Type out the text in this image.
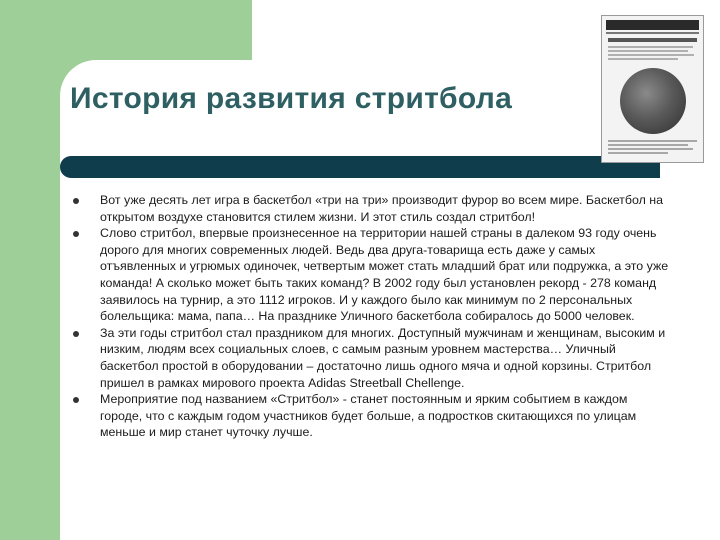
История развития стритбола
Вот уже десять лет игра в баскетбол «три на три» производит фурор во всем мире. Баскетбол на открытом воздухе становится стилем жизни. И этот стиль создал стритбол!
Слово стритбол, впервые произнесенное на территории нашей страны в далеком 93 году очень дорого для многих современных людей. Ведь два друга-товарища есть даже у самых отъявленных и угрюмых одиночек, четвертым может стать младший брат или подружка, а это уже команда! А сколько может быть таких команд? В 2002 году был установлен рекорд - 278 команд заявилось на турнир, а это 1112 игроков. И у каждого было как минимум по 2 персональных болельщика: мама, папа… На празднике Уличного баскетбола собиралось до 5000 человек.
За эти годы стритбол стал праздником для многих. Доступный мужчинам и женщинам, высоким и низким, людям всех социальных слоев, с самым разным уровнем мастерства… Уличный баскетбол простой в оборудовании – достаточно лишь одного мяча и одной корзины. Стритбол пришел в рамках мирового проекта Adidas Streetball Chellenge.
Мероприятие под названием «Стритбол» - станет постоянным и ярким событием в каждом городе, что с каждым годом участников будет больше, а подростков скитающихся по улицам меньше и мир станет чуточку лучше.
